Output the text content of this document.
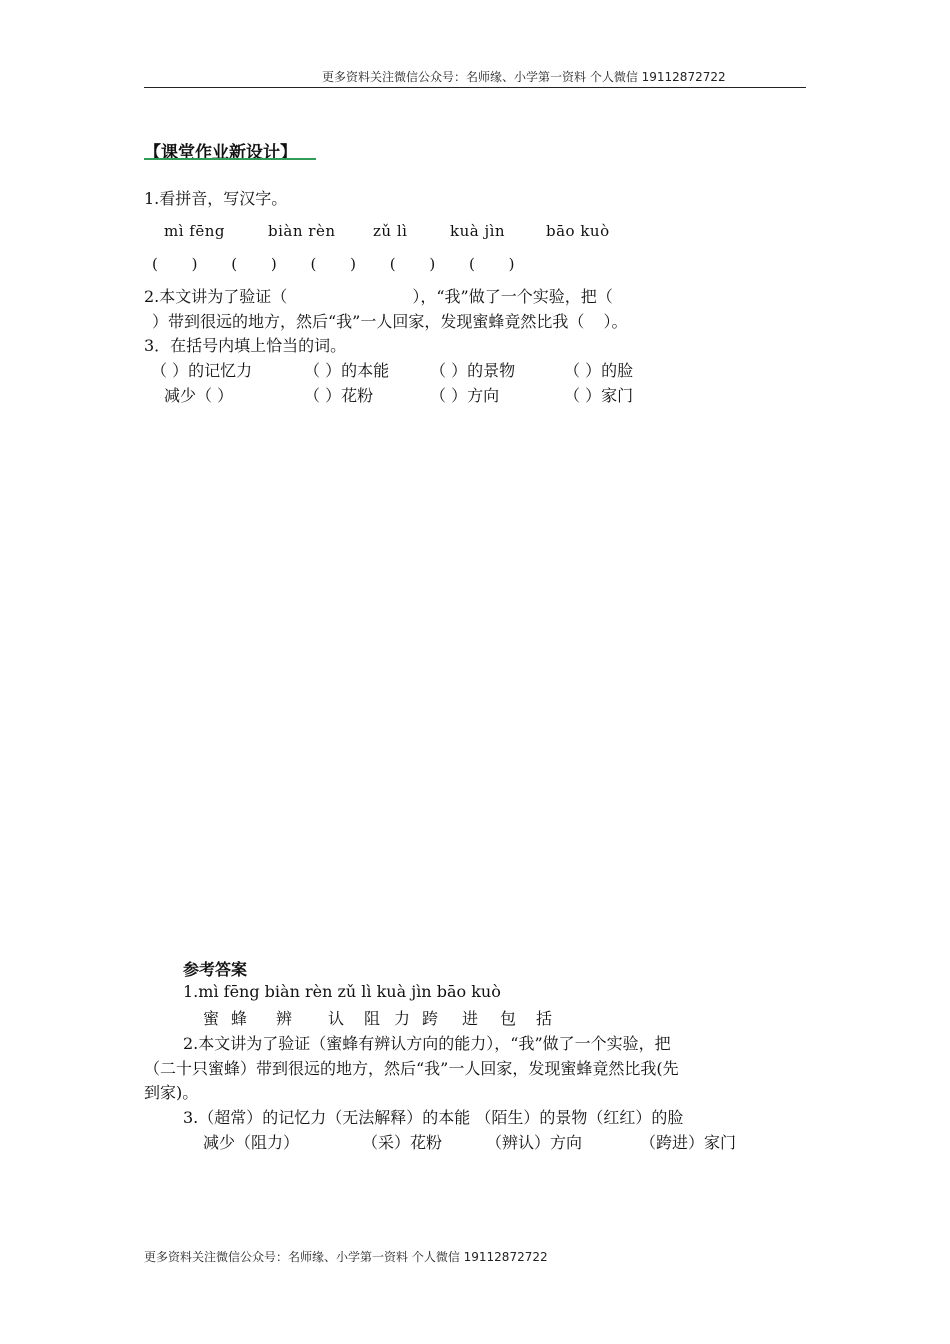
更多资料关注微信公众号：名师缘、小学第一资料 个人微信 19112872722
【课堂作业新设计】
1.看拼音，写汉字。
mì fēng	biàn rèn	zǔ lì	kuà jìn	bāo kuò
( ) ( ) ( ) ( ) ( )
2.本文讲为了验证（ ），“我”做了一个实验，把（
）带到很远的地方，然后“我”一人回家，发现蜜蜂竟然比我（ ）。
3．在括号内填上恰当的词。
（ ）的记忆力	（ ）的本能	（ ）的景物	（ ）的脸
减少（ ）	（ ）花粉	（ ）方向	（ ）家门
参考答案
1.mì fēng biàn rèn zǔ lì kuà jìn bāo kuò
蜜 蜂 辨 认 阻 力 跨 进 包 括
2.本文讲为了验证（蜜蜂有辨认方向的能力），“我”做了一个实验，把
（二十只蜜蜂）带到很远的地方，然后“我”一人回家，发现蜜蜂竟然比我(先
到家)。
3.（超常）的记忆力（无法解释）的本能 （陌生）的景物（红红）的脸
减少（阻力）	（采）花粉	（辨认）方向	（跨进）家门
更多资料关注微信公众号：名师缘、小学第一资料 个人微信 19112872722
